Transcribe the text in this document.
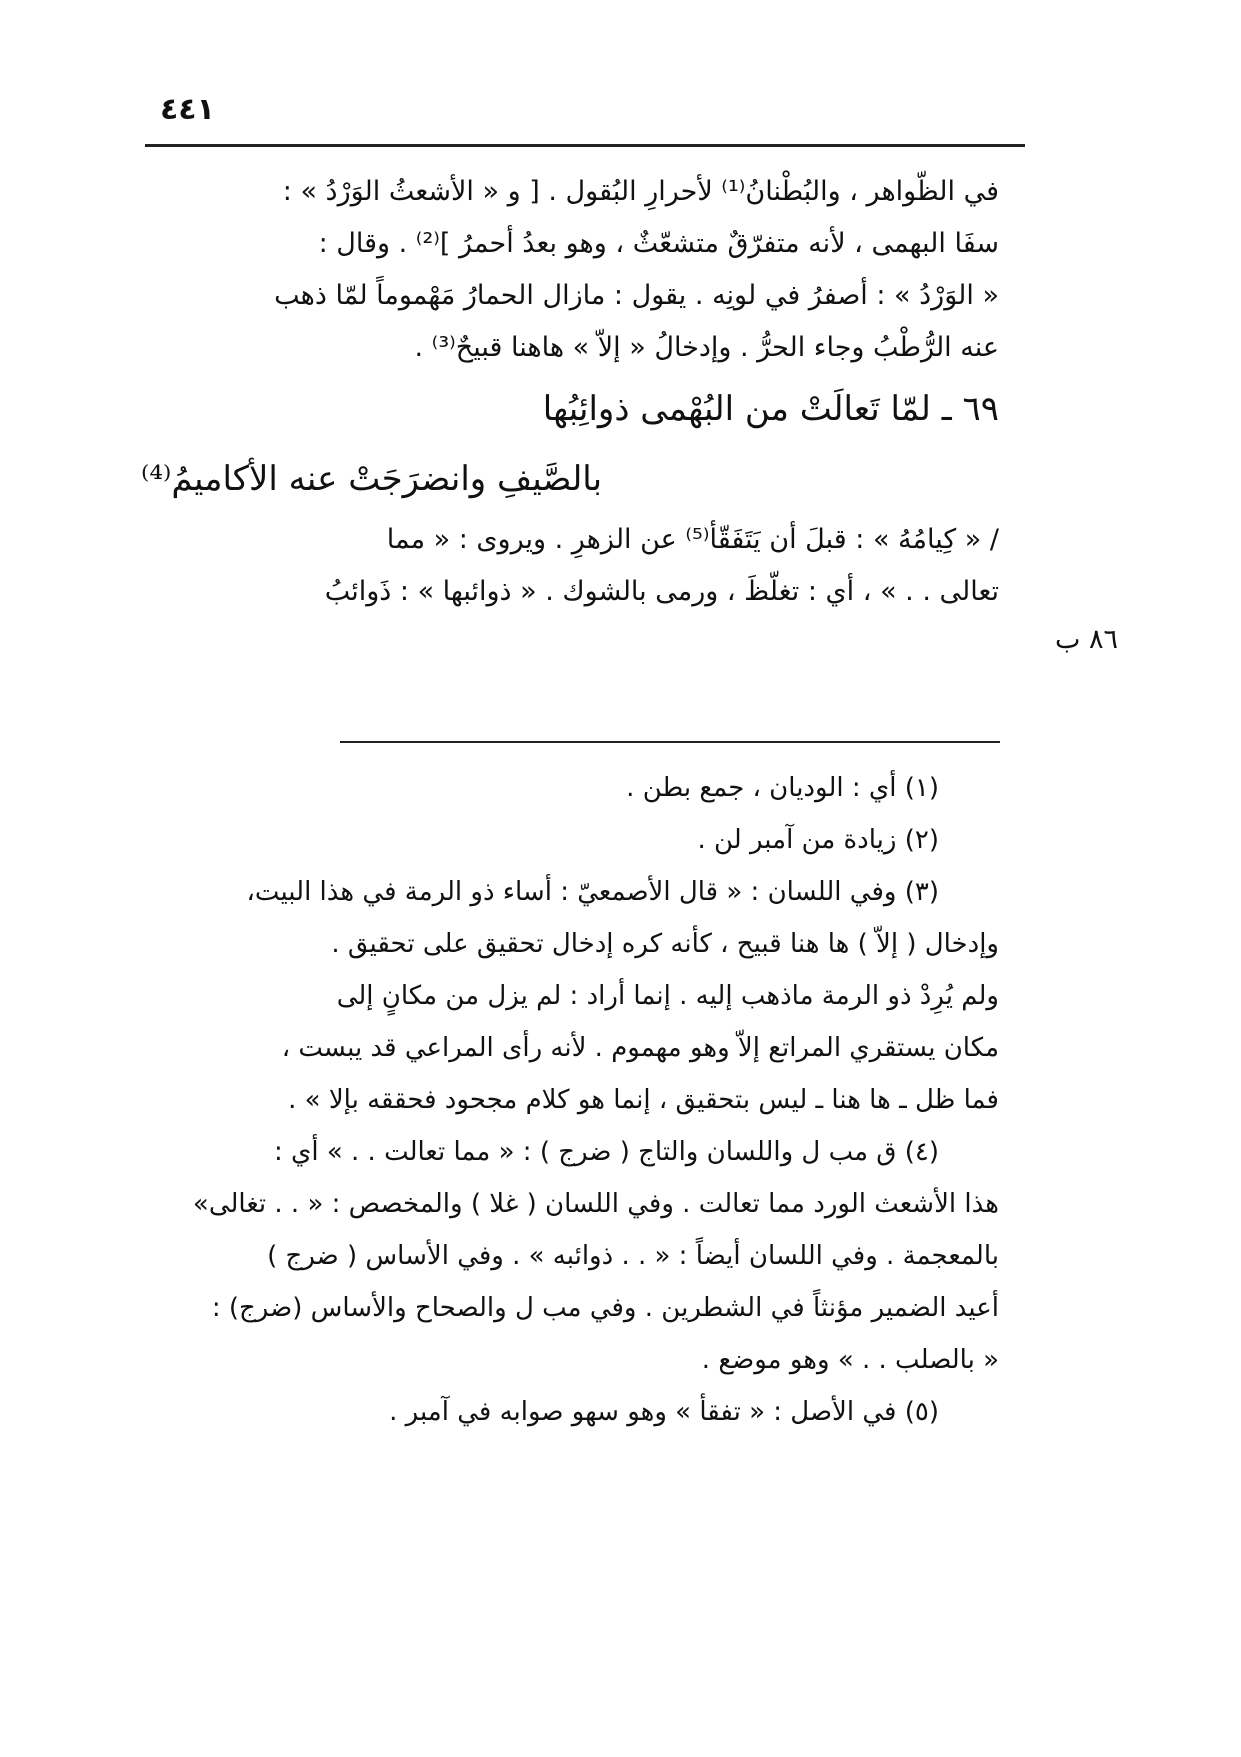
٤٤١
في الظّواهر ، والبُطْنانُ⁽¹⁾ لأحرارِ البُقول . [ و « الأشعثُ الوَرْدُ » :
سفَا البهمى ، لأنه متفرّقٌ متشعّثٌ ، وهو بعدُ أحمرُ ]⁽²⁾ . وقال :
« الوَرْدُ » : أصفرُ في لونِه . يقول : مازال الحمارُ مَهْموماً لمّا ذهب
عنه الرُّطْبُ وجاء الحرُّ . وإدخالُ « إلاّ » هاهنا قبيحٌ⁽³⁾ .
٦٩ ـ لمّا تَعالَتْ من البُهْمى ذوائِبُها
بالصَّيفِ وانضرَجَتْ عنه الأكاميمُ⁽⁴⁾
/ « كِيامُهُ » : قبلَ أن يَتَفَقّأ⁽⁵⁾ عن الزهرِ . ويروى : « مما
تعالى . . » ، أي : تغلّظَ ، ورمى بالشوك . « ذوائبها » : ذَوائبُ
٨٦ ب
(١) أي : الوديان ، جمع بطن .
(٢) زيادة من آمبر لن .
(٣) وفي اللسان : « قال الأصمعيّ : أساء ذو الرمة في هذا البيت،
وإدخال ( إلاّ ) ها هنا قبيح ، كأنه كره إدخال تحقيق على تحقيق .
ولم يُرِدْ ذو الرمة ماذهب إليه . إنما أراد : لم يزل من مكانٍ إلى
مكان يستقري المراتع إلاّ وهو مهموم . لأنه رأى المراعي قد يبست ،
فما ظل ـ ها هنا ـ ليس بتحقيق ، إنما هو كلام مجحود فحققه بإلا » .
(٤) ق مب ل واللسان والتاج ( ضرج ) : « مما تعالت . . » أي :
هذا الأشعث الورد مما تعالت . وفي اللسان ( غلا ) والمخصص : « . . تغالى»
بالمعجمة . وفي اللسان أيضاً : « . . ذوائبه » . وفي الأساس ( ضرج )
أعيد الضمير مؤنثاً في الشطرين . وفي مب ل والصحاح والأساس (ضرج) :
« بالصلب . . » وهو موضع .
(٥) في الأصل : « تفقأ » وهو سهو صوابه في آمبر .
